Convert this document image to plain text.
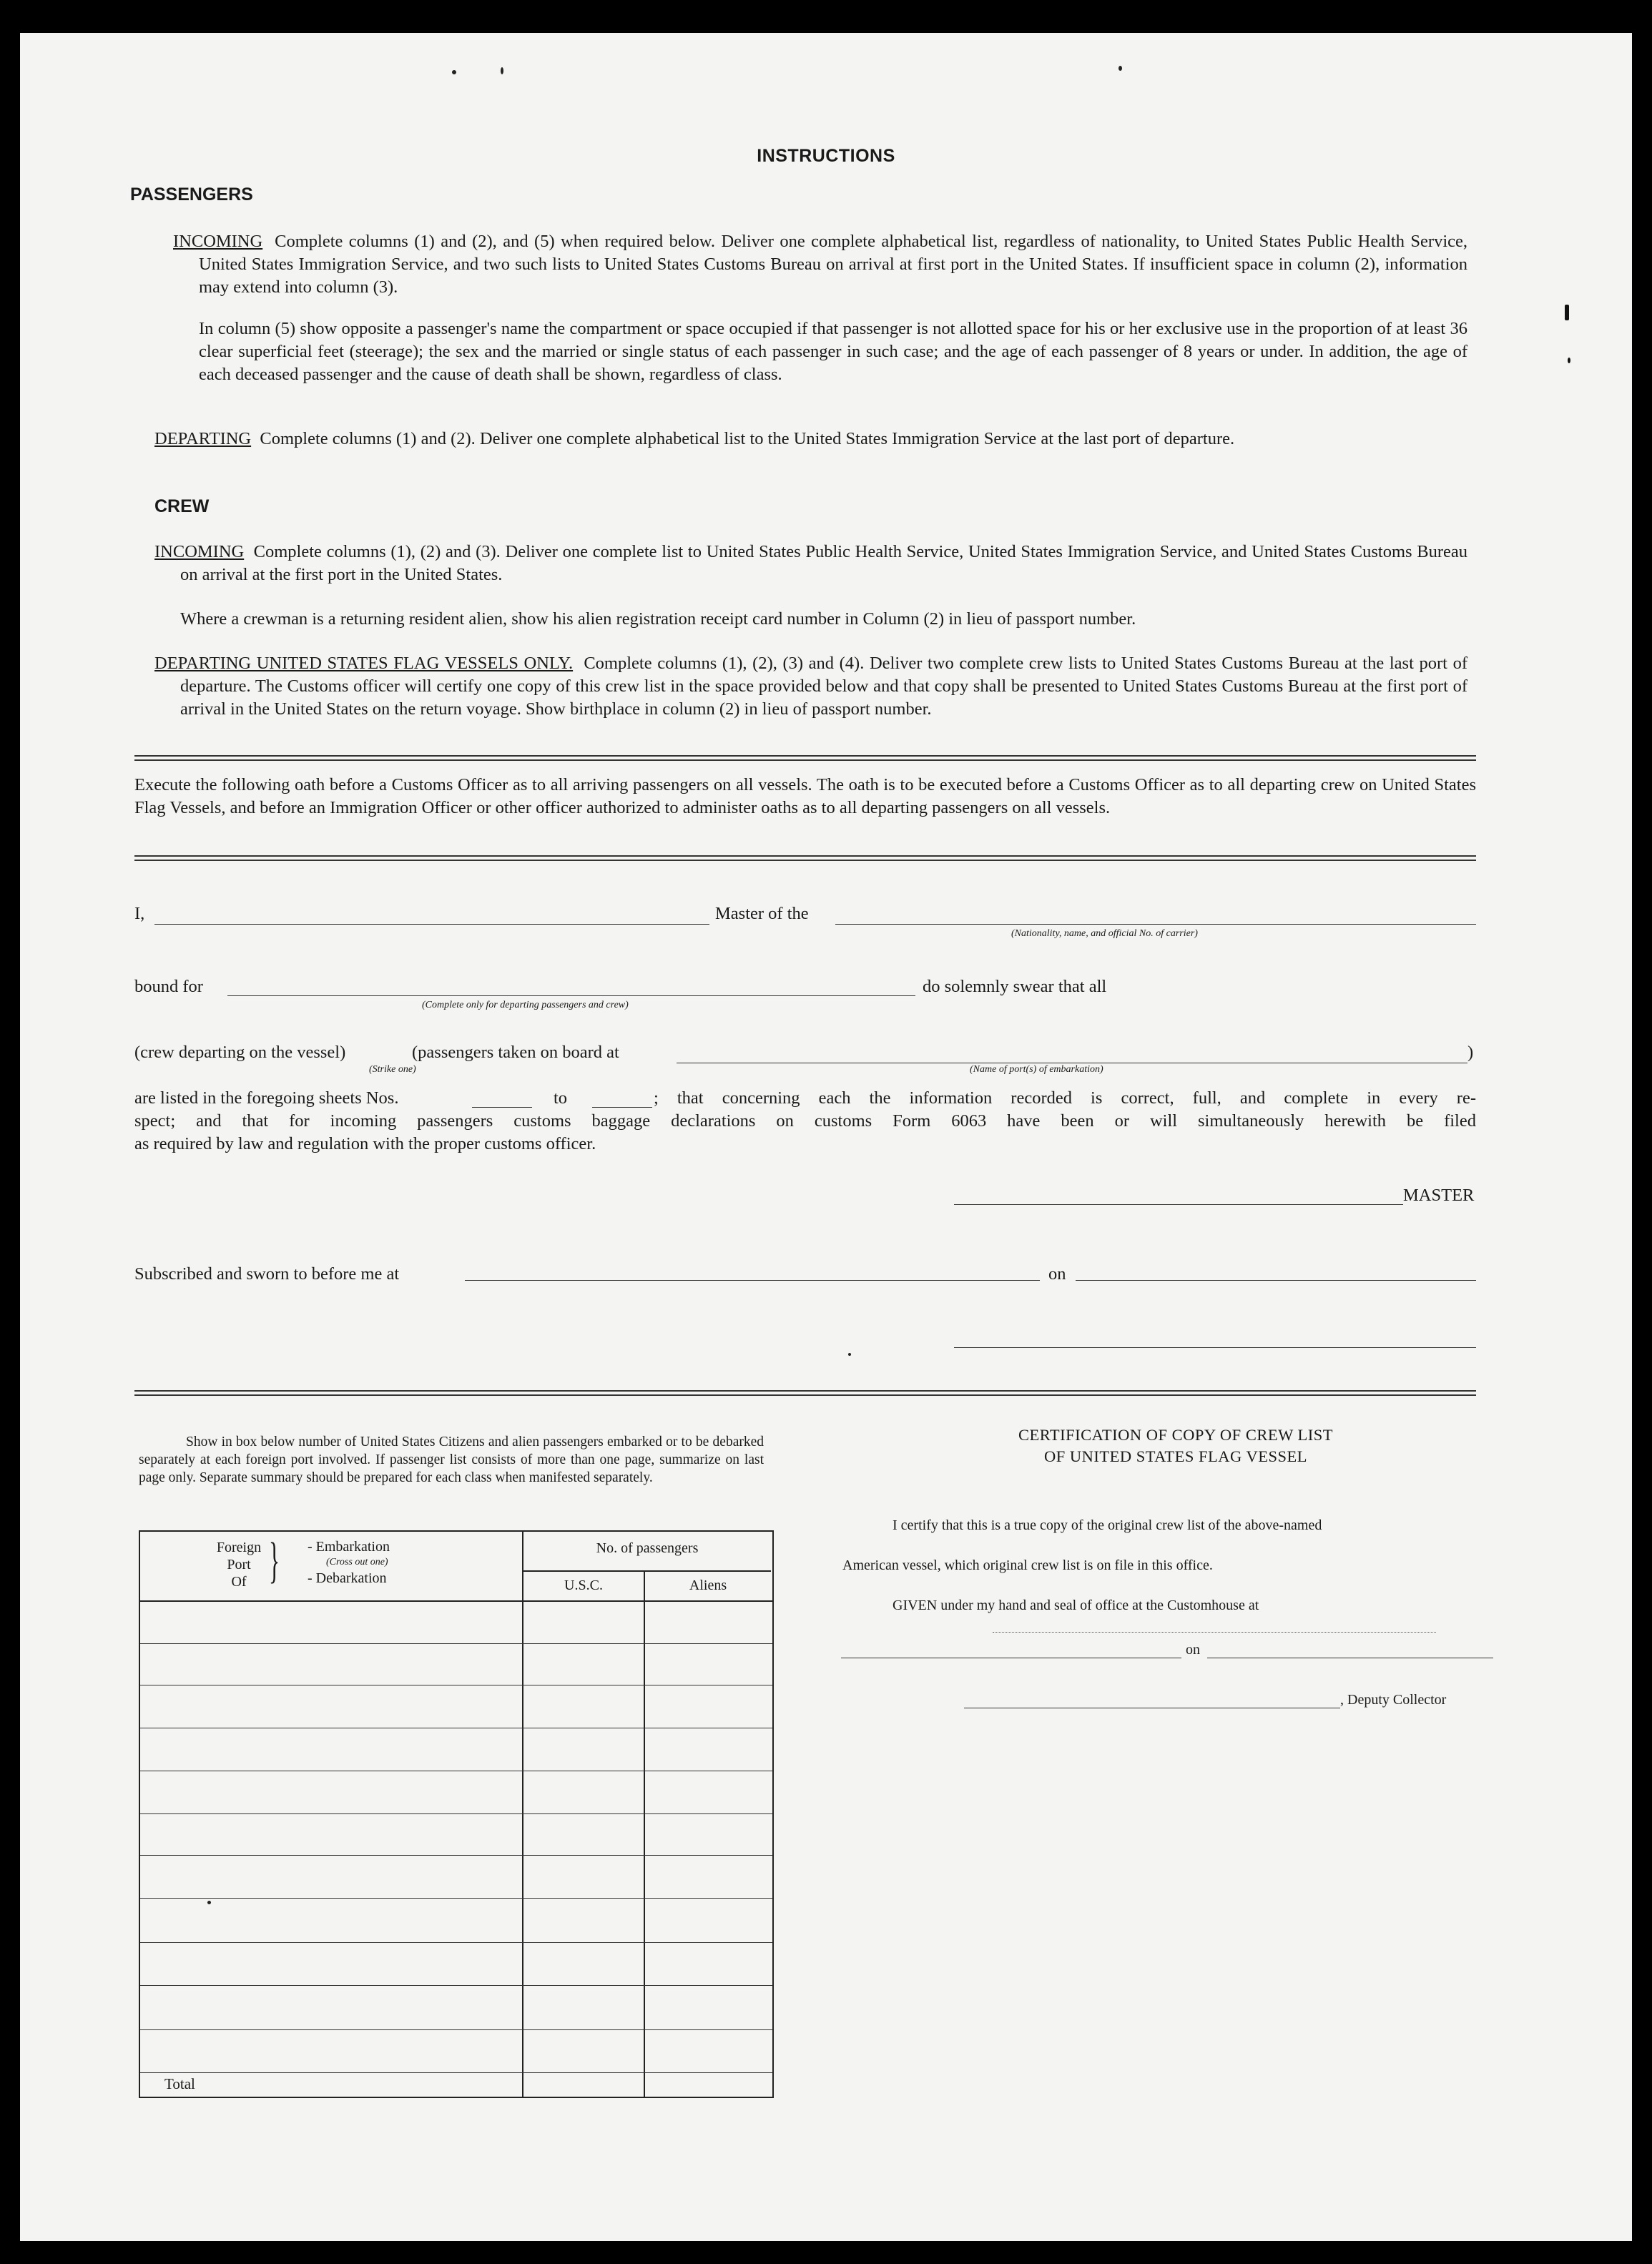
​
INSTRUCTIONS
PASSENGERS
INCOMING Complete columns (1) and (2), and (5) when required below. Deliver one complete alphabetical list, regardless of nationality, to United States Public Health Service, United States Immigration Service, and two such lists to United States Customs Bureau on arrival at first port in the United States. If insufficient space in column (2), information may extend into column (3).
In column (5) show opposite a passenger's name the compartment or space occupied if that passenger is not allotted space for his or her exclusive use in the proportion of at least 36 clear superficial feet (steerage); the sex and the married or single status of each passenger in such case; and the age of each passenger of 8 years or under. In addition, the age of each deceased passenger and the cause of death shall be shown, regardless of class.
DEPARTING Complete columns (1) and (2). Deliver one complete alphabetical list to the United States Immigration Service at the last port of departure.
CREW
INCOMING Complete columns (1), (2) and (3). Deliver one complete list to United States Public Health Service, United States Immigration Service, and United States Customs Bureau on arrival at the first port in the United States.
Where a crewman is a returning resident alien, show his alien registration receipt card number in Column (2) in lieu of passport number.
DEPARTING UNITED STATES FLAG VESSELS ONLY. Complete columns (1), (2), (3) and (4). Deliver two complete crew lists to United States Customs Bureau at the last port of departure. The Customs officer will certify one copy of this crew list in the space provided below and that copy shall be presented to United States Customs Bureau at the first port of arrival in the United States on the return voyage. Show birthplace in column (2) in lieu of passport number.
Execute the following oath before a Customs Officer as to all arriving passengers on all vessels. The oath is to be executed before a Customs Officer as to all departing crew on United States Flag Vessels, and before an Immigration Officer or other officer authorized to administer oaths as to all departing passengers on all vessels.
I,	Master of the
(Nationality, name, and official No. of carrier)
bound for
(Complete only for departing passengers and crew)
do solemnly swear that all
(crew departing on the vessel)	(passengers taken on board at	)
(Strike one)	(Name of port(s) of embarkation)
are listed in the foregoing sheets Nos.	to	; that concerning each the information recorded is correct, full, and complete in every re-
spect; and that for incoming passengers customs baggage declarations on customs Form 6063 have been or will simultaneously herewith be filed
as required by law and regulation with the proper customs officer.
MASTER
Subscribed and sworn to before me at	on
Show in box below number of United States Citizens and alien passengers embarked or to be debarked separately at each foreign port involved. If passenger list consists of more than one page, summarize on last page only. Separate summary should be prepared for each class when manifested separately.
Foreign
Port
Of } - Embarkation
(Cross out one)
- Debarkation
No. of passengers
U.S.C.	Aliens
Total
CERTIFICATION OF COPY OF CREW LIST
OF UNITED STATES FLAG VESSEL
I certify that this is a true copy of the original crew list of the above-named
American vessel, which original crew list is on file in this office.
GIVEN under my hand and seal of office at the Customhouse at
on
, Deputy Collector
